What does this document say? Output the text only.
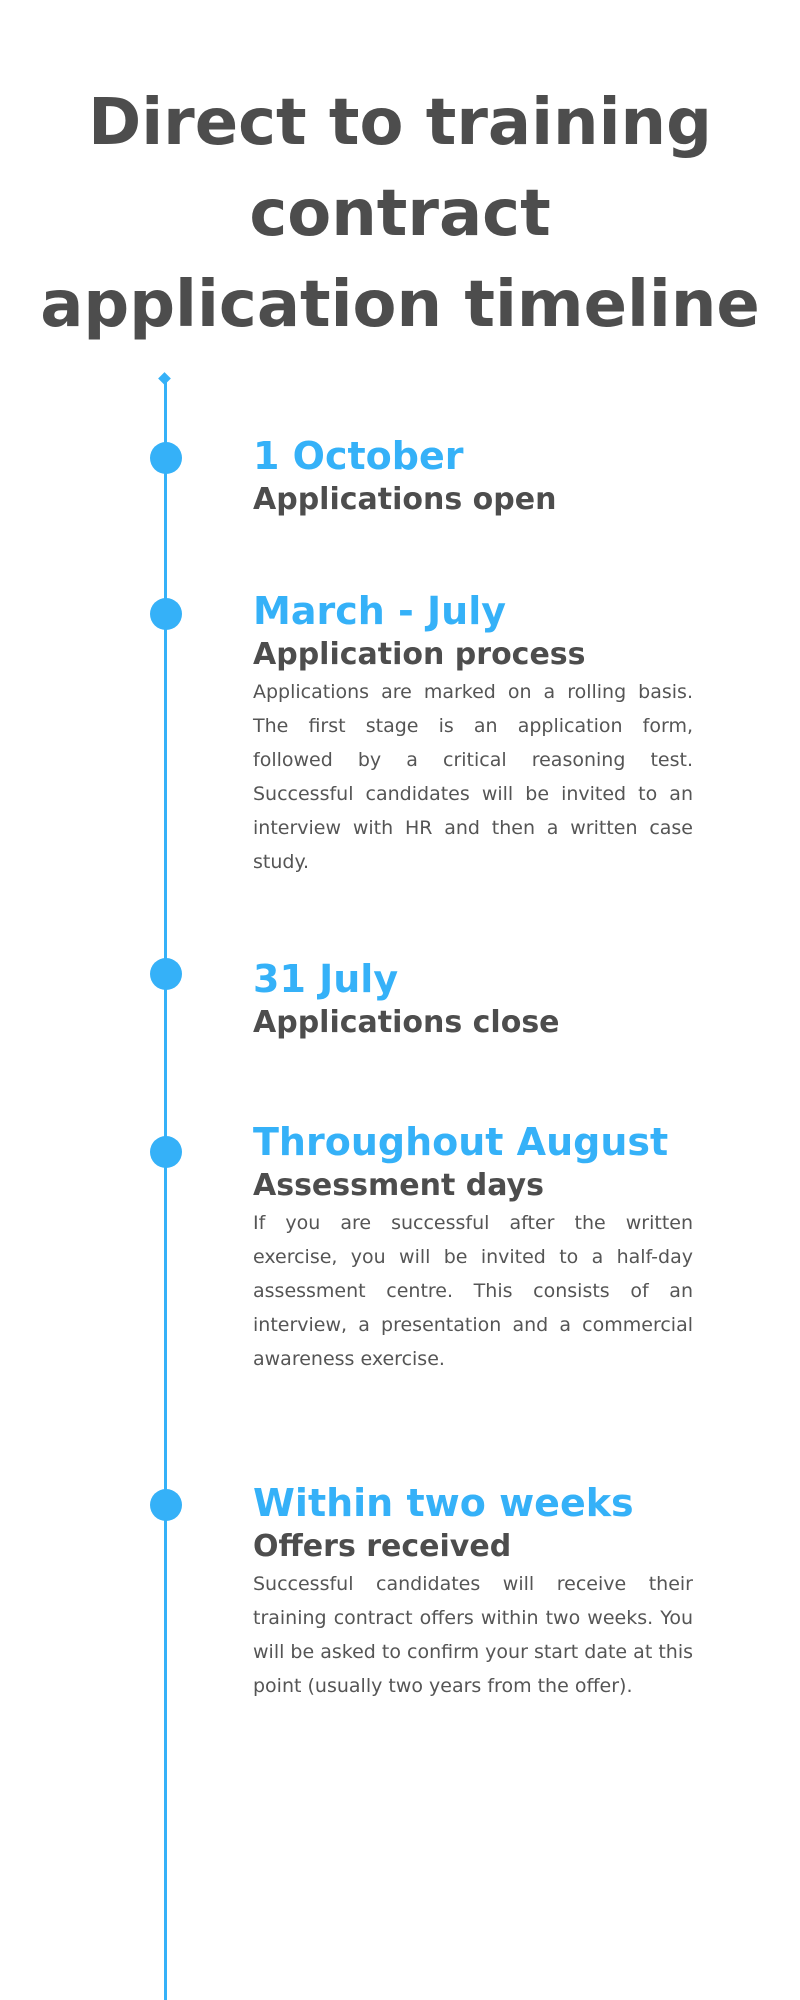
Direct to training contract application timeline
1 October
Applications open
March - July
Application process
Applications are marked on a rolling basis. The first stage is an application form, followed by a critical reasoning test. Successful candidates will be invited to an interview with HR and then a written case study.
31 July
Applications close
Throughout August
Assessment days
If you are successful after the written exercise, you will be invited to a half-day assessment centre. This consists of an interview, a presentation and a commercial awareness exercise.
Within two weeks
Offers received
Successful candidates will receive their training contract offers within two weeks. You will be asked to confirm your start date at this point (usually two years from the offer).
